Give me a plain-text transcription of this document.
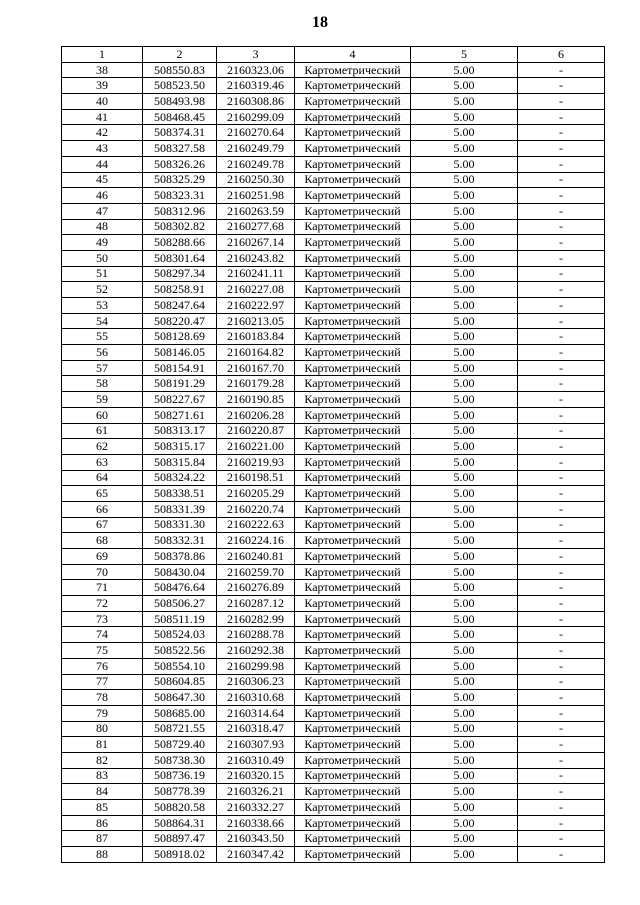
18
1	2	3	4	5	6
38	508550.83	2160323.06	Картометрический	5.00	-
39	508523.50	2160319.46	Картометрический	5.00	-
40	508493.98	2160308.86	Картометрический	5.00	-
41	508468.45	2160299.09	Картометрический	5.00	-
42	508374.31	2160270.64	Картометрический	5.00	-
43	508327.58	2160249.79	Картометрический	5.00	-
44	508326.26	2160249.78	Картометрический	5.00	-
45	508325.29	2160250.30	Картометрический	5.00	-
46	508323.31	2160251.98	Картометрический	5.00	-
47	508312.96	2160263.59	Картометрический	5.00	-
48	508302.82	2160277.68	Картометрический	5.00	-
49	508288.66	2160267.14	Картометрический	5.00	-
50	508301.64	2160243.82	Картометрический	5.00	-
51	508297.34	2160241.11	Картометрический	5.00	-
52	508258.91	2160227.08	Картометрический	5.00	-
53	508247.64	2160222.97	Картометрический	5.00	-
54	508220.47	2160213.05	Картометрический	5.00	-
55	508128.69	2160183.84	Картометрический	5.00	-
56	508146.05	2160164.82	Картометрический	5.00	-
57	508154.91	2160167.70	Картометрический	5.00	-
58	508191.29	2160179.28	Картометрический	5.00	-
59	508227.67	2160190.85	Картометрический	5.00	-
60	508271.61	2160206.28	Картометрический	5.00	-
61	508313.17	2160220.87	Картометрический	5.00	-
62	508315.17	2160221.00	Картометрический	5.00	-
63	508315.84	2160219.93	Картометрический	5.00	-
64	508324.22	2160198.51	Картометрический	5.00	-
65	508338.51	2160205.29	Картометрический	5.00	-
66	508331.39	2160220.74	Картометрический	5.00	-
67	508331.30	2160222.63	Картометрический	5.00	-
68	508332.31	2160224.16	Картометрический	5.00	-
69	508378.86	2160240.81	Картометрический	5.00	-
70	508430.04	2160259.70	Картометрический	5.00	-
71	508476.64	2160276.89	Картометрический	5.00	-
72	508506.27	2160287.12	Картометрический	5.00	-
73	508511.19	2160282.99	Картометрический	5.00	-
74	508524.03	2160288.78	Картометрический	5.00	-
75	508522.56	2160292.38	Картометрический	5.00	-
76	508554.10	2160299.98	Картометрический	5.00	-
77	508604.85	2160306.23	Картометрический	5.00	-
78	508647.30	2160310.68	Картометрический	5.00	-
79	508685.00	2160314.64	Картометрический	5.00	-
80	508721.55	2160318.47	Картометрический	5.00	-
81	508729.40	2160307.93	Картометрический	5.00	-
82	508738.30	2160310.49	Картометрический	5.00	-
83	508736.19	2160320.15	Картометрический	5.00	-
84	508778.39	2160326.21	Картометрический	5.00	-
85	508820.58	2160332.27	Картометрический	5.00	-
86	508864.31	2160338.66	Картометрический	5.00	-
87	508897.47	2160343.50	Картометрический	5.00	-
88	508918.02	2160347.42	Картометрический	5.00	-
